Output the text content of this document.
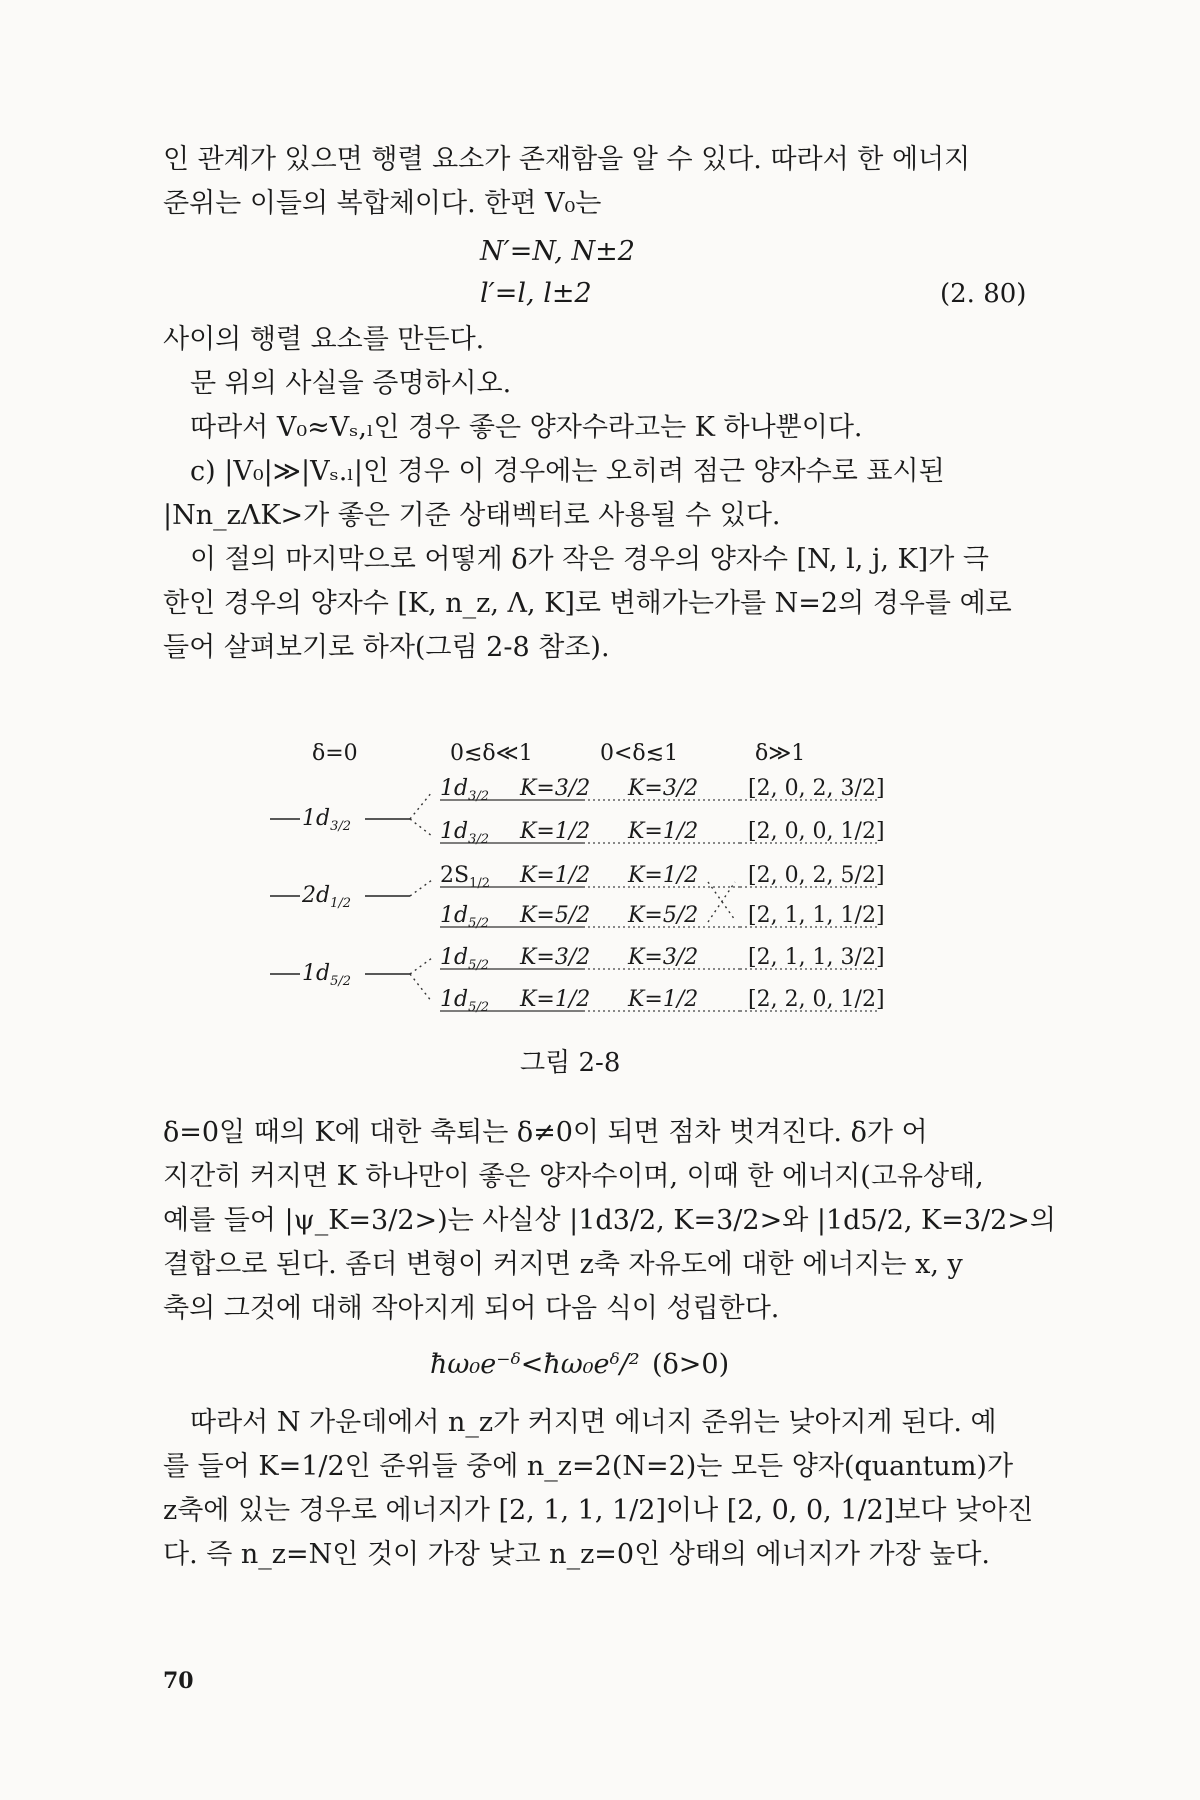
인 관계가 있으면 행렬 요소가 존재함을 알 수 있다. 따라서 한 에너지
준위는 이들의 복합체이다. 한편 V₀는
N′=N, N±2
l′=l, l±2	(2. 80)
사이의 행렬 요소를 만든다.
문 위의 사실을 증명하시오.
따라서 V₀≈Vₛ,ₗ인 경우 좋은 양자수라고는 K 하나뿐이다.
c) |V₀|≫|Vₛ.ₗ|인 경우 이 경우에는 오히려 점근 양자수로 표시된
|Nn_zΛK>가 좋은 기준 상태벡터로 사용될 수 있다.
이 절의 마지막으로 어떻게 δ가 작은 경우의 양자수 [N, l, j, K]가 극
한인 경우의 양자수 [K, n_z, Λ, K]로 변해가는가를 N=2의 경우를 예로
들어 살펴보기로 하자(그림 2-8 참조).
δ=0	0≲δ≪1	0<δ≲1	δ≫1
$1d_{3/2}$
$2d_{1/2}$
$1d_{5/2}$
$1d_{3/2}$ K=3/2 K=3/2 [2, 0, 2, 3/2]
$1d_{3/2}$ K=1/2 K=1/2 [2, 0, 0, 1/2]
$2S_{1/2}$ K=1/2 K=1/2 [2, 0, 2, 5/2]
$1d_{5/2}$ K=5/2 K=5/2 [2, 1, 1, 1/2]
$1d_{5/2}$ K=3/2 K=3/2 [2, 1, 1, 3/2]
$1d_{5/2}$ K=1/2 K=1/2 [2, 2, 0, 1/2]
그림 2-8
δ=0일 때의 K에 대한 축퇴는 δ≠0이 되면 점차 벗겨진다. δ가 어
지간히 커지면 K 하나만이 좋은 양자수이며, 이때 한 에너지(고유상태,
예를 들어 |ψ_K=3/2>)는 사실상 |1d3/2, K=3/2>와 |1d5/2, K=3/2>의
결합으로 된다. 좀더 변형이 커지면 z축 자유도에 대한 에너지는 x, y
축의 그것에 대해 작아지게 되어 다음 식이 성립한다.
ħω₀e⁻ᵟ<ħω₀eᵟ/² (δ>0)
따라서 N 가운데에서 n_z가 커지면 에너지 준위는 낮아지게 된다. 예
를 들어 K=1/2인 준위들 중에 n_z=2(N=2)는 모든 양자(quantum)가
z축에 있는 경우로 에너지가 [2, 1, 1, 1/2]이나 [2, 0, 0, 1/2]보다 낮아진
다. 즉 n_z=N인 것이 가장 낮고 n_z=0인 상태의 에너지가 가장 높다.
70
